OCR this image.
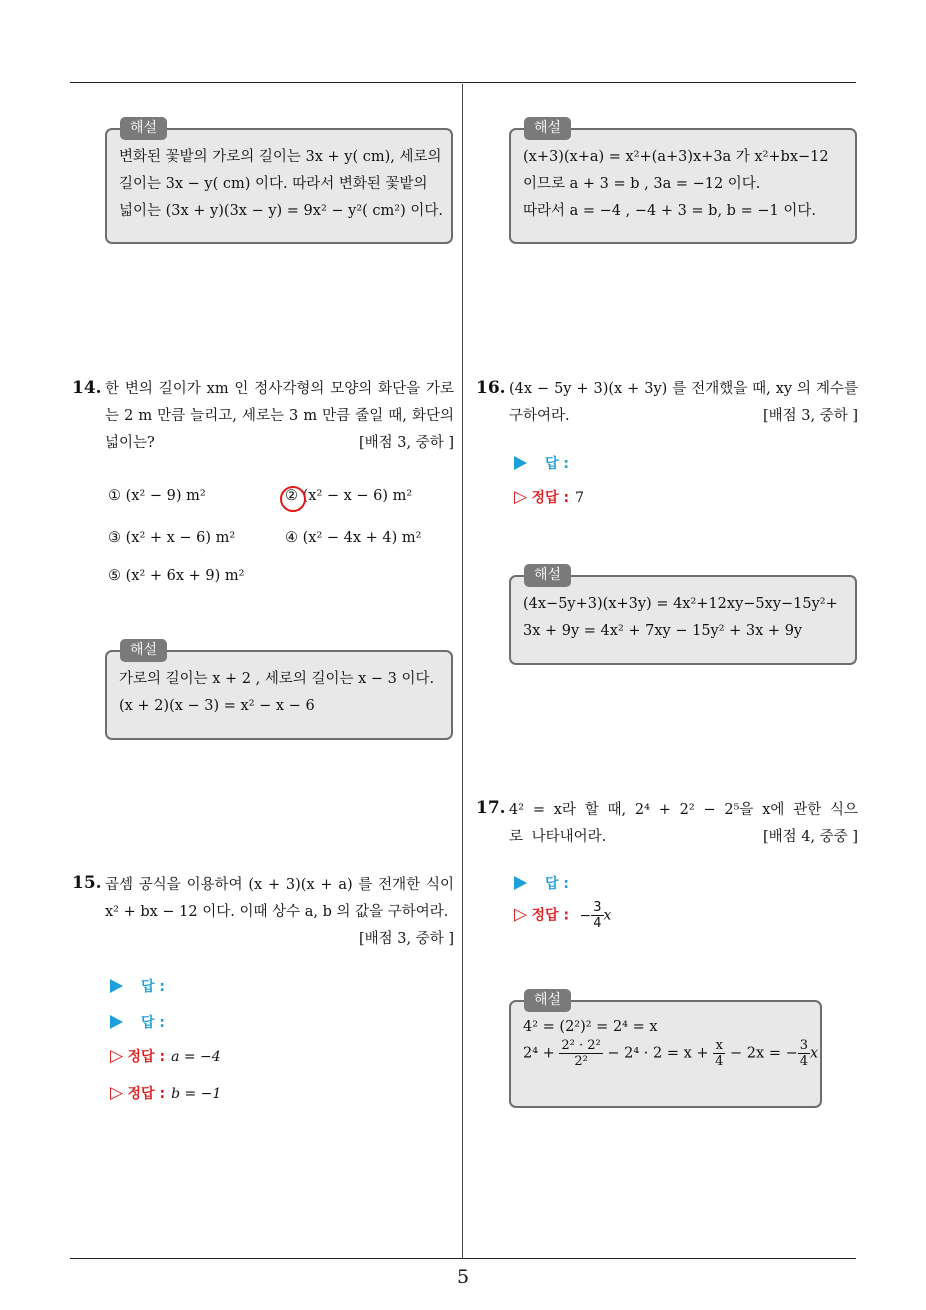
해설
변화된 꽃밭의 가로의 길이는 3x + y( cm), 세로의
길이는 3x − y( cm) 이다. 따라서 변화된 꽃밭의
넓이는 (3x + y)(3x − y) = 9x² − y²( cm²) 이다.
해설
(x+3)(x+a) = x²+(a+3)x+3a 가 x²+bx−12
이므로 a + 3 = b , 3a = −12 이다.
따라서 a = −4 , −4 + 3 = b, b = −1 이다.
14. 한 변의 길이가 xm 인 정사각형의 모양의 화단을 가로는 2 m 만큼 늘리고, 세로는 3 m 만큼 줄일 때, 화단의 넓이는?	[배점 3, 중하 ]
① (x² − 9) m²	② (x² − x − 6) m²
③ (x² + x − 6) m²	④ (x² − 4x + 4) m²
⑤ (x² + 6x + 9) m²
해설
가로의 길이는 x + 2 , 세로의 길이는 x − 3 이다.
(x + 2)(x − 3) = x² − x − 6
15. 곱셈 공식을 이용하여 (x + 3)(x + a) 를 전개한 식이 x² + bx − 12 이다. 이때 상수 a, b 의 값을 구하여라.
[배점 3, 중하 ]
답 :
답 :
▷ 정답 : a = −4
▷ 정답 : b = −1
16. (4x − 5y + 3)(x + 3y) 를 전개했을 때, xy 의 계수를 구하여라.	[배점 3, 중하 ]
답 :
▷ 정답 : 7
해설
(4x−5y+3)(x+3y) = 4x²+12xy−5xy−15y²+
3x + 9y = 4x² + 7xy − 15y² + 3x + 9y
17. 4² = x라 할 때, 2⁴ + 2² − 2⁵을 x에 관한 식으로 나타내어라.	[배점 4, 중중 ]
답 :
▷ 정답 : − $\frac{3}{4}$ x
해설
4² = (2²)² = 2⁴ = x
$2^4 + \frac{\text{2² · 2²}}{\text{2²}} - 2^4 \cdot 2 = x + \frac{x}{4} - 2x$ = − $\frac{3}{4}$ x
5
